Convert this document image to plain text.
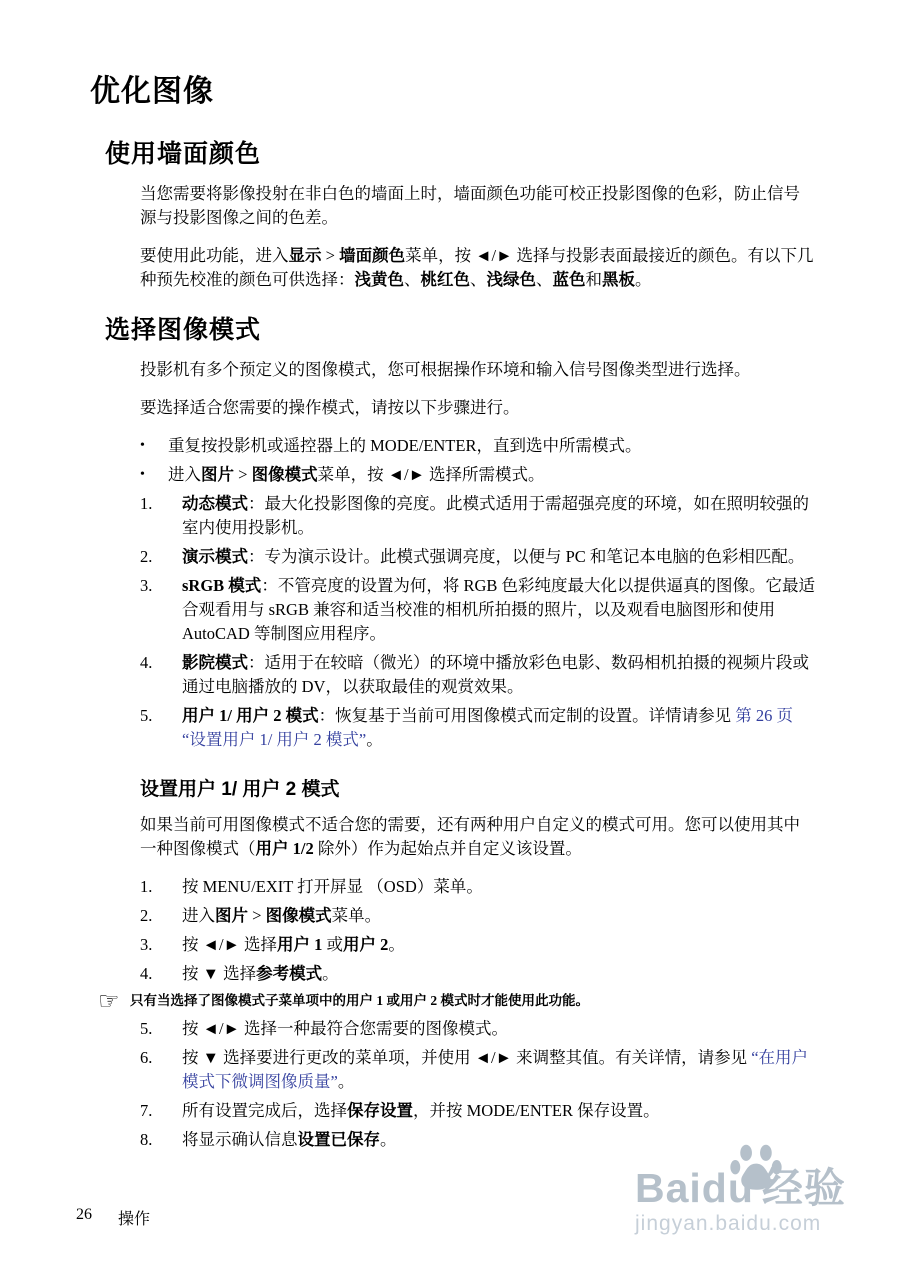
优化图像
使用墙面颜色

当您需要将影像投射在非白色的墙面上时，墙面颜色功能可校正投影图像的色彩，防止信号源与投影图像之间的色差。

要使用此功能，进入显示 > 墙面颜色菜单，按 ◄/► 选择与投影表面最接近的颜色。有以下几种预先校准的颜色可供选择：浅黄色、桃红色、浅绿色、蓝色和黑板。

选择图像模式

投影机有多个预定义的图像模式，您可根据操作环境和输入信号图像类型进行选择。

要选择适合您需要的操作模式，请按以下步骤进行。

•	重复按投影机或遥控器上的 MODE/ENTER，直到选中所需模式。
•	进入图片 > 图像模式菜单，按 ◄/► 选择所需模式。
1.	动态模式：最大化投影图像的亮度。此模式适用于需超强亮度的环境，如在照明较强的室内使用投影机。
2.	演示模式：专为演示设计。此模式强调亮度，以便与 PC 和笔记本电脑的色彩相匹配。
3.	sRGB 模式：不管亮度的设置为何，将 RGB 色彩纯度最大化以提供逼真的图像。它最适合观看用与 sRGB 兼容和适当校准的相机所拍摄的照片，以及观看电脑图形和使用 AutoCAD 等制图应用程序。
4.	影院模式：适用于在较暗（微光）的环境中播放彩色电影、数码相机拍摄的视频片段或通过电脑播放的 DV，以获取最佳的观赏效果。
5.	用户 1/ 用户 2 模式：恢复基于当前可用图像模式而定制的设置。详情请参见 第 26 页 “设置用户 1/ 用户 2 模式”。
设置用户 1/ 用户 2 模式

如果当前可用图像模式不适合您的需要，还有两种用户自定义的模式可用。您可以使用其中一种图像模式（用户 1/2 除外）作为起始点并自定义该设置。

1.	按 MENU/EXIT 打开屏显 （OSD）菜单。
2.	进入图片 > 图像模式菜单。
3.	按 ◄/► 选择用户 1 或用户 2。
4.	按 ▼ 选择参考模式。
☞ 只有当选择了图像模式子菜单项中的用户 1 或用户 2 模式时才能使用此功能。
5.	按 ◄/► 选择一种最符合您需要的图像模式。
6.	按 ▼ 选择要进行更改的菜单项，并使用 ◄/► 来调整其值。有关详情，请参见 “在用户模式下微调图像质量”。
7.	所有设置完成后，选择保存设置，并按 MODE/ENTER 保存设置。
8.	将显示确认信息设置已保存。
26 操作
Baidu 经验
jingyan.baidu.com
